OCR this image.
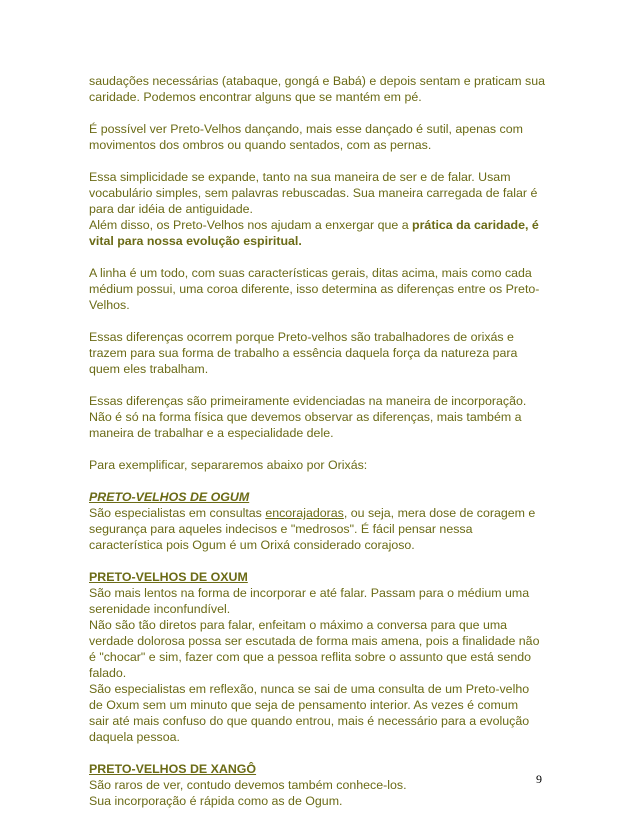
saudações necessárias (atabaque, gongá e Babá) e depois sentam e praticam sua
caridade. Podemos encontrar alguns que se mantém em pé.

É possível ver Preto-Velhos dançando, mais esse dançado é sutil, apenas com
movimentos dos ombros ou quando sentados, com as pernas.

Essa simplicidade se expande, tanto na sua maneira de ser e de falar. Usam
vocabulário simples, sem palavras rebuscadas. Sua maneira carregada de falar é
para dar idéia de antiguidade.
Além disso, os Preto-Velhos nos ajudam a enxergar que a prática da caridade, é
vital para nossa evolução espiritual.

A linha é um todo, com suas características gerais, ditas acima, mais como cada
médium possui, uma coroa diferente, isso determina as diferenças entre os Preto-
Velhos.

Essas diferenças ocorrem porque Preto-velhos são trabalhadores de orixás e
trazem para sua forma de trabalho a essência daquela força da natureza para
quem eles trabalham.

Essas diferenças são primeiramente evidenciadas na maneira de incorporação.
Não é só na forma física que devemos observar as diferenças, mais também a
maneira de trabalhar e a especialidade dele.

Para exemplificar, separaremos abaixo por Orixás:

PRETO-VELHOS DE OGUM

São especialistas em consultas encorajadoras, ou seja, mera dose de coragem e
segurança para aqueles indecisos e "medrosos". É fácil pensar nessa
característica pois Ogum é um Orixá considerado corajoso.

PRETO-VELHOS DE OXUM

São mais lentos na forma de incorporar e até falar. Passam para o médium uma
serenidade inconfundível.
Não são tão diretos para falar, enfeitam o máximo a conversa para que uma
verdade dolorosa possa ser escutada de forma mais amena, pois a finalidade não
é "chocar" e sim, fazer com que a pessoa reflita sobre o assunto que está sendo
falado.
São especialistas em reflexão, nunca se sai de uma consulta de um Preto-velho
de Oxum sem um minuto que seja de pensamento interior. As vezes é comum
sair até mais confuso do que quando entrou, mais é necessário para a evolução
daquela pessoa.

PRETO-VELHOS DE XANGÔ

São raros de ver, contudo devemos também conhece-los.
Sua incorporação é rápida como as de Ogum.
9
